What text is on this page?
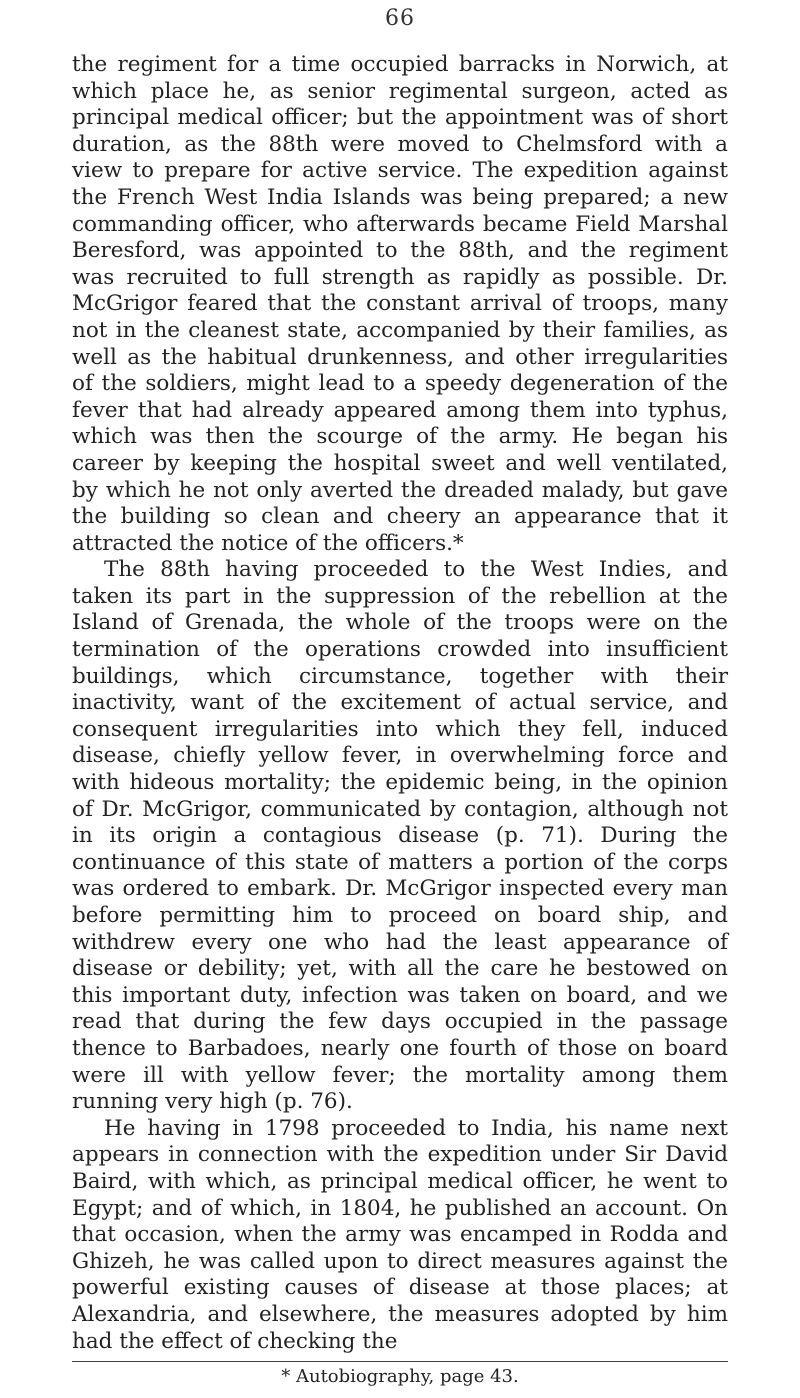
66

the regiment for a time occupied barracks in Norwich, at which place he, as senior regimental surgeon, acted as principal medical officer; but the appointment was of short duration, as the 88th were moved to Chelmsford with a view to prepare for active service. The expedition against the French West India Islands was being prepared; a new commanding officer, who afterwards became Field Marshal Beresford, was appointed to the 88th, and the regiment was recruited to full strength as rapidly as possible. Dr. McGrigor feared that the constant arrival of troops, many not in the cleanest state, accompanied by their families, as well as the habitual drunkenness, and other irregularities of the soldiers, might lead to a speedy degeneration of the fever that had already appeared among them into typhus, which was then the scourge of the army. He began his career by keeping the hospital sweet and well ventilated, by which he not only averted the dreaded malady, but gave the building so clean and cheery an appearance that it attracted the notice of the officers.*

The 88th having proceeded to the West Indies, and taken its part in the suppression of the rebellion at the Island of Grenada, the whole of the troops were on the termination of the operations crowded into insufficient buildings, which circumstance, together with their inactivity, want of the excitement of actual service, and consequent irregularities into which they fell, induced disease, chiefly yellow fever, in overwhelming force and with hideous mortality; the epidemic being, in the opinion of Dr. McGrigor, communicated by contagion, although not in its origin a contagious disease (p. 71). During the continuance of this state of matters a portion of the corps was ordered to embark. Dr. McGrigor inspected every man before permitting him to proceed on board ship, and withdrew every one who had the least appearance of disease or debility; yet, with all the care he bestowed on this important duty, infection was taken on board, and we read that during the few days occupied in the passage thence to Barbadoes, nearly one fourth of those on board were ill with yellow fever; the mortality among them running very high (p. 76).

He having in 1798 proceeded to India, his name next appears in connection with the expedition under Sir David Baird, with which, as principal medical officer, he went to Egypt; and of which, in 1804, he published an account. On that occasion, when the army was encamped in Rodda and Ghizeh, he was called upon to direct measures against the powerful existing causes of disease at those places; at Alexandria, and elsewhere, the measures adopted by him had the effect of checking the

* Autobiography, page 43.
